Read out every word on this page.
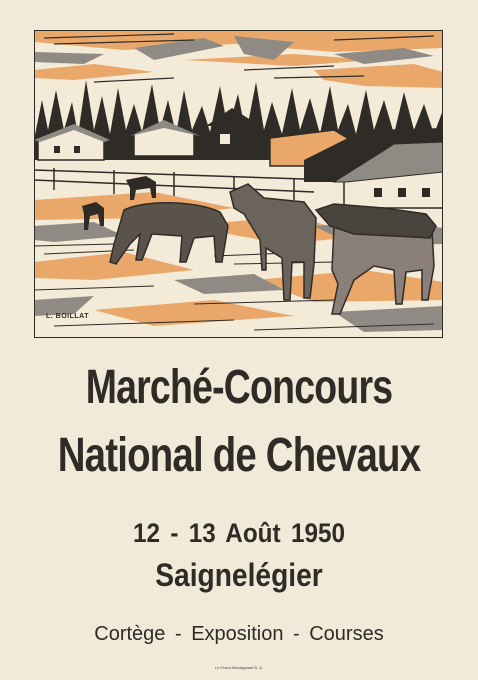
L. BOILLAT
Marché-Concours
National de Chevaux
12 - 13 Août 1950
Saignelégier
Cortège - Exposition - Courses
Le Franc-Montagnard S. A.
